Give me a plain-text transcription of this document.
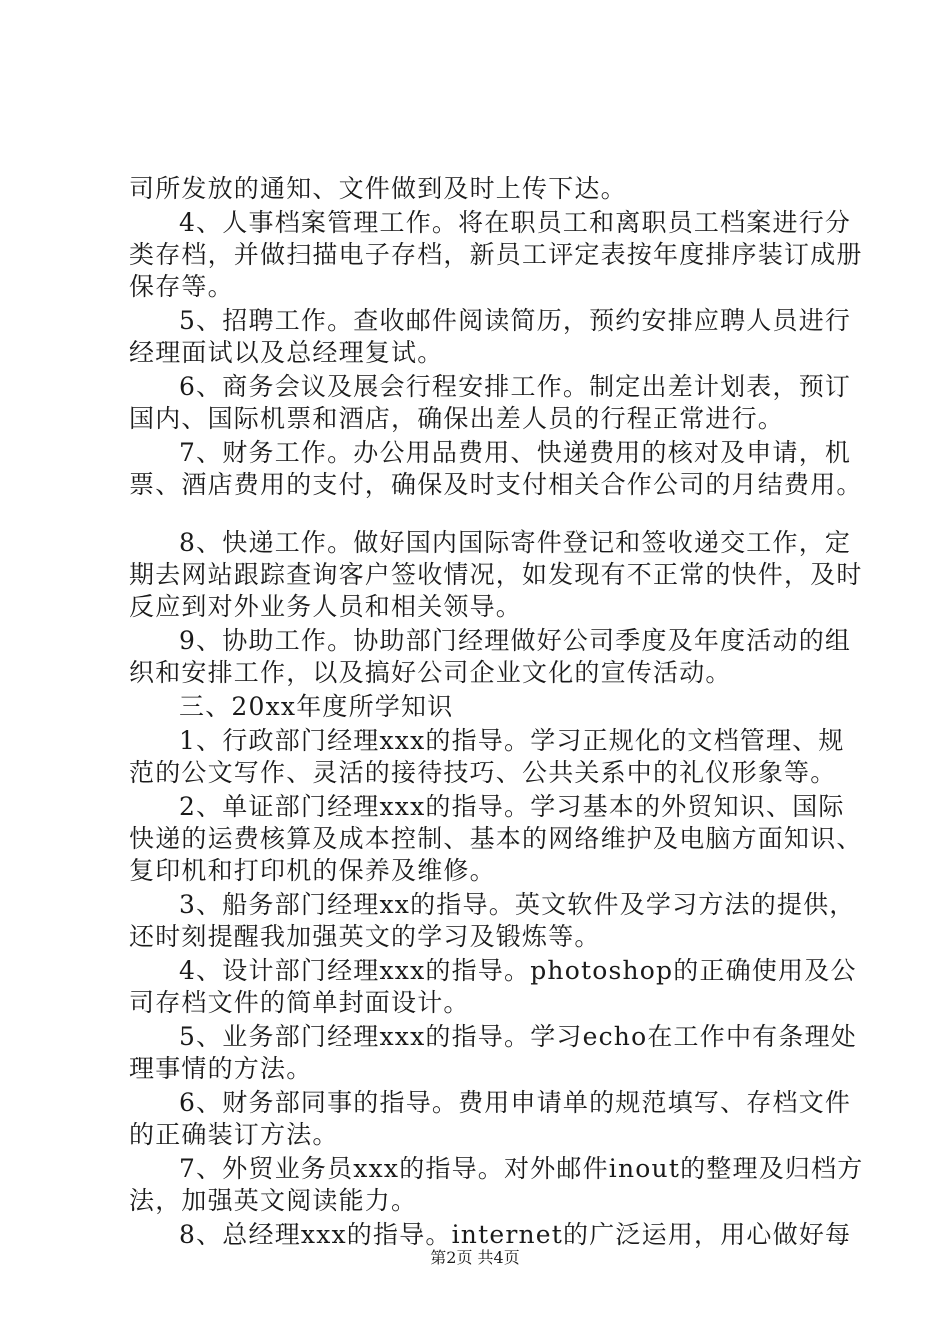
司所发放的通知、文件做到及时上传下达。

4、人事档案管理工作。将在职员工和离职员工档案进行分类存档，并做扫描电子存档，新员工评定表按年度排序装订成册保存等。

5、招聘工作。查收邮件阅读简历，预约安排应聘人员进行经理面试以及总经理复试。

6、商务会议及展会行程安排工作。制定出差计划表，预订国内、国际机票和酒店，确保出差人员的行程正常进行。

7、财务工作。办公用品费用、快递费用的核对及申请，机票、酒店费用的支付，确保及时支付相关合作公司的月结费用。

8、快递工作。做好国内国际寄件登记和签收递交工作，定期去网站跟踪查询客户签收情况，如发现有不正常的快件，及时反应到对外业务人员和相关领导。

9、协助工作。协助部门经理做好公司季度及年度活动的组织和安排工作，以及搞好公司企业文化的宣传活动。

三、20xx年度所学知识

1、行政部门经理xxx的指导。学习正规化的文档管理、规范的公文写作、灵活的接待技巧、公共关系中的礼仪形象等。

2、单证部门经理xxx的指导。学习基本的外贸知识、国际快递的运费核算及成本控制、基本的网络维护及电脑方面知识、复印机和打印机的保养及维修。

3、船务部门经理xx的指导。英文软件及学习方法的提供，还时刻提醒我加强英文的学习及锻炼等。

4、设计部门经理xxx的指导。photoshop的正确使用及公司存档文件的简单封面设计。

5、业务部门经理xxx的指导。学习echo在工作中有条理处理事情的方法。

6、财务部同事的指导。费用申请单的规范填写、存档文件的正确装订方法。

7、外贸业务员xxx的指导。对外邮件inout的整理及归档方法，加强英文阅读能力。

8、总经理xxx的指导。internet的广泛运用，用心做好每

第2页 共4页
